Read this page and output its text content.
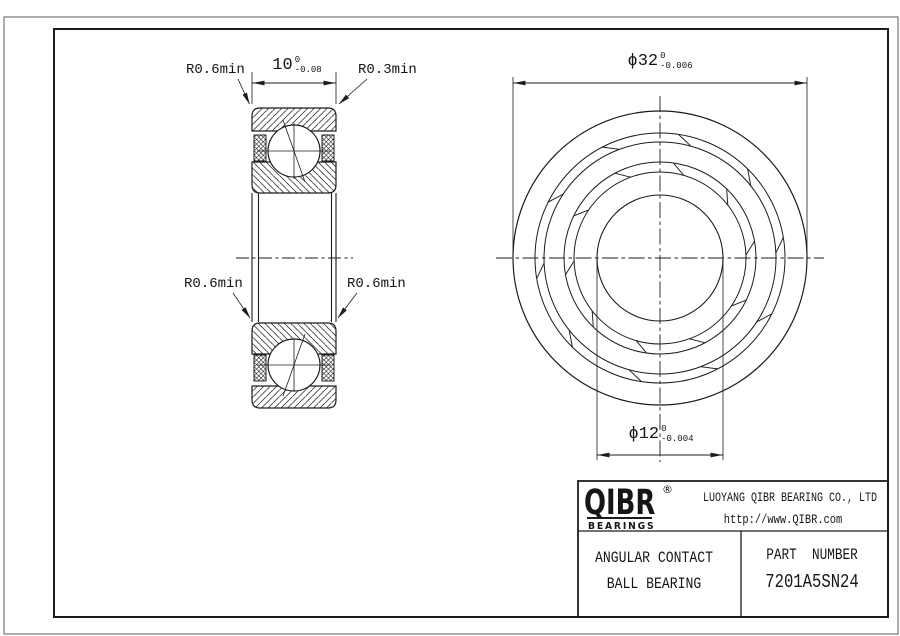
10 0
-0.08
R0.6min	R0.3min
R0.6min	R0.6min
ϕ32 0
-0.006
ϕ12 0
-0.004
QIBR ®
BEARINGS
LUOYANG QIBR BEARING CO., LTD
http://www.QIBR.com
ANGULAR CONTACT
BALL BEARING
PART  NUMBER
7201A5SN24
